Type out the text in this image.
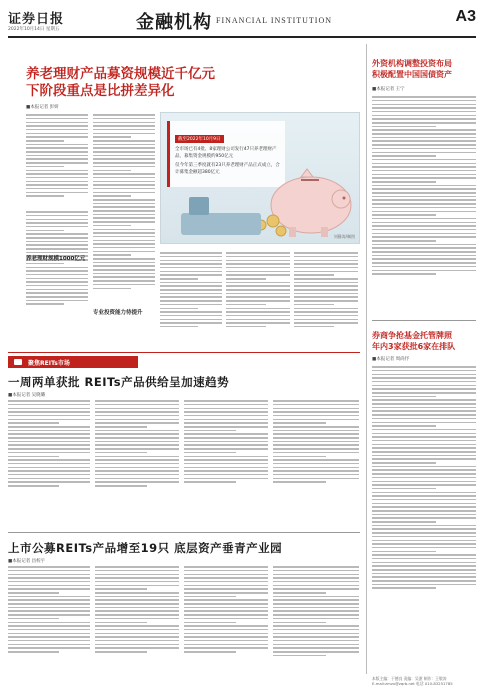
证券日报
2022年10月14日 星期五	金融机构 FINANCIAL INSTITUTION	A3
养老理财产品募资规模近千亿元
下阶段重点是比拼差异化
■本报记者 彭妍
养老理财规模1000亿元
截至2022年10月9日
全市场已有4批、8家理财公司发行47只养老理财产品，募集资金规模约950亿元
仅今年第三季度就有23只养老理财产品正式成立，合计募集金额超380亿元
刘静涛/制图
专业投资能力待提升
外资机构调整投资布局
积极配置中国国债资产
■本报记者 王宁
券商争抢基金托管牌照
年内3家获批6家在排队
■本报记者 周尚伃
聚焦REITs市场
一周两单获批 REITs产品供给呈加速趋势
■本报记者 吴晓璐
上市公募REITs产品增至19只 底层资产垂青产业园
■本报记者 昌校宇
本版主编：于德良 责编：吴澍 制作：王敬涛
E-mail:zmzx@zqrb.net 电话 010-83251785
